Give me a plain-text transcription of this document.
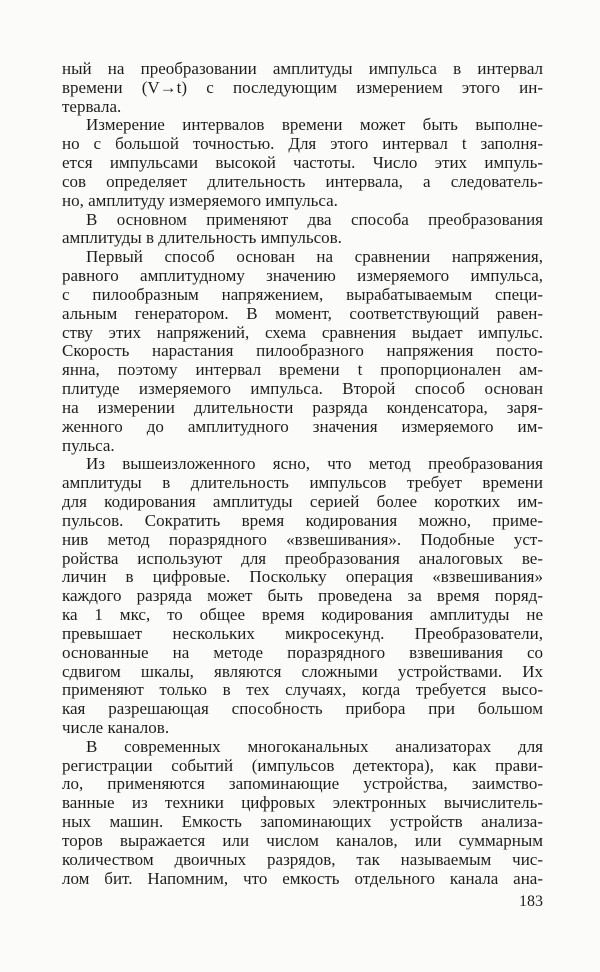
ный на преобразовании амплитуды импульса в интервал
времени (V→t) с последующим измерением этого ин-
тервала.
Измерение интервалов времени может быть выполне-
но с большой точностью. Для этого интервал t заполня-
ется импульсами высокой частоты. Число этих импуль-
сов определяет длительность интервала, а следователь-
но, амплитуду измеряемого импульса.
В основном применяют два способа преобразования
амплитуды в длительность импульсов.
Первый способ основан на сравнении напряжения,
равного амплитудному значению измеряемого импульса,
с пилообразным напряжением, вырабатываемым специ-
альным генератором. В момент, соответствующий равен-
ству этих напряжений, схема сравнения выдает импульс.
Скорость нарастания пилообразного напряжения посто-
янна, поэтому интервал времени t пропорционален ам-
плитуде измеряемого импульса. Второй способ основан
на измерении длительности разряда конденсатора, заря-
женного до амплитудного значения измеряемого им-
пульса.
Из вышеизложенного ясно, что метод преобразования
амплитуды в длительность импульсов требует времени
для кодирования амплитуды серией более коротких им-
пульсов. Сократить время кодирования можно, приме-
нив метод поразрядного «взвешивания». Подобные уст-
ройства используют для преобразования аналоговых ве-
личин в цифровые. Поскольку операция «взвешивания»
каждого разряда может быть проведена за время поряд-
ка 1 мкс, то общее время кодирования амплитуды не
превышает нескольких микросекунд. Преобразователи,
основанные на методе поразрядного взвешивания со
сдвигом шкалы, являются сложными устройствами. Их
применяют только в тех случаях, когда требуется высо-
кая разрешающая способность прибора при большом
числе каналов.
В современных многоканальных анализаторах для
регистрации событий (импульсов детектора), как прави-
ло, применяются запоминающие устройства, заимство-
ванные из техники цифровых электронных вычислитель-
ных машин. Емкость запоминающих устройств анализа-
торов выражается или числом каналов, или суммарным
количеством двоичных разрядов, так называемым чис-
лом бит. Напомним, что емкость отдельного канала ана-
183
